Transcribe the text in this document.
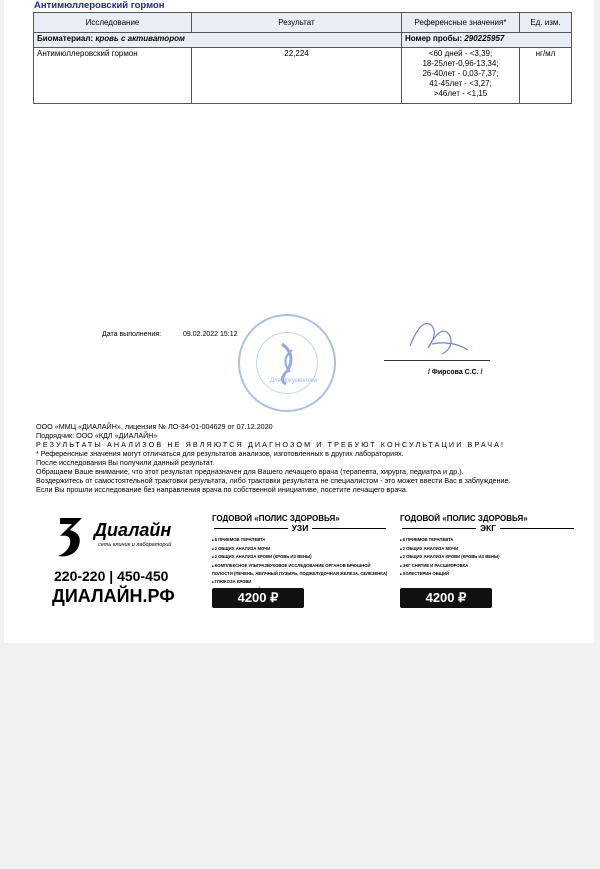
Антимюллеровский гормон
Исследование	Результат	Референсные значения*	Ед. изм.
Биоматериал: кровь с активатором		Номер пробы: 290225957	
Антимюллеровский гормон	22,224	<60 дней - <3,39;
18-25лет-0,96-13,34;
26-40лет - 0,03-7,37;
41-45лет - <3,27;
>46лет - <1,15	нг/мл
Дата выполнения:	09.02.2022 15:12
Для документов
/ Фирсова С.С. /
ООО «ММЦ «ДИАЛАЙН», лицензия № ЛО-34-01-004629 от 07.12.2020
Подрядчик: ООО «КДЛ «ДИАЛАЙН»
РЕЗУЛЬТАТЫ АНАЛИЗОВ НЕ ЯВЛЯЮТСЯ ДИАГНОЗОМ И ТРЕБУЮТ КОНСУЛЬТАЦИИ ВРАЧА!
* Референсные значения могут отличаться для результатов анализов, изготовленных в других лабораториях.
После исследования Вы получили данный результат.
Обращаем Ваше внимание, что этот результат предназначен для Вашего лечащего врача (терапевта, хирурга, педиатра и др.).
Воздержитесь от самостоятельной трактовки результата, либо трактовки результата не специалистом - это может ввести Вас в заблуждение.
Если Вы прошли исследование без направления врача по собственной инициативе, посетите лечащего врача.
Диалайн
сеть клиник и лабораторий
220-220 | 450-450
ДИАЛАЙН.РФ
ГОДОВОЙ «ПОЛИС ЗДОРОВЬЯ»
УЗИ
■ 6 ПРИЕМОВ ТЕРАПЕВТА
■ 2 ОБЩИХ АНАЛИЗА МОЧИ
■ 2 ОБЩИХ АНАЛИЗА КРОВИ (КРОВЬ ИЗ ВЕНЫ)
■ КОМПЛЕКСНОЕ УЛЬТРАЗВУКОВОЕ ИССЛЕДОВАНИЕ ОРГАНОВ БРЮШНОЙ ПОЛОСТИ (ПЕЧЕНЬ, ЖЕЛЧНЫЙ ПУЗЫРЬ, ПОДЖЕЛУДОЧНАЯ ЖЕЛЕЗА, СЕЛЕЗЕНКА)
■ ГЛЮКОЗА КРОВИ
■
4200 ₽
ГОДОВОЙ «ПОЛИС ЗДОРОВЬЯ»
ЭКГ
■ 6 ПРИЕМОВ ТЕРАПЕВТА
■ 2 ОБЩИХ АНАЛИЗА МОЧИ
■ 2 ОБЩИХ АНАЛИЗА КРОВИ (КРОВЬ ИЗ ВЕНЫ)
■ ЭКГ СНЯТИЕ И РАСШИФРОВКА
■ ХОЛЕСТЕРИН ОБЩИЙ
4200 ₽
